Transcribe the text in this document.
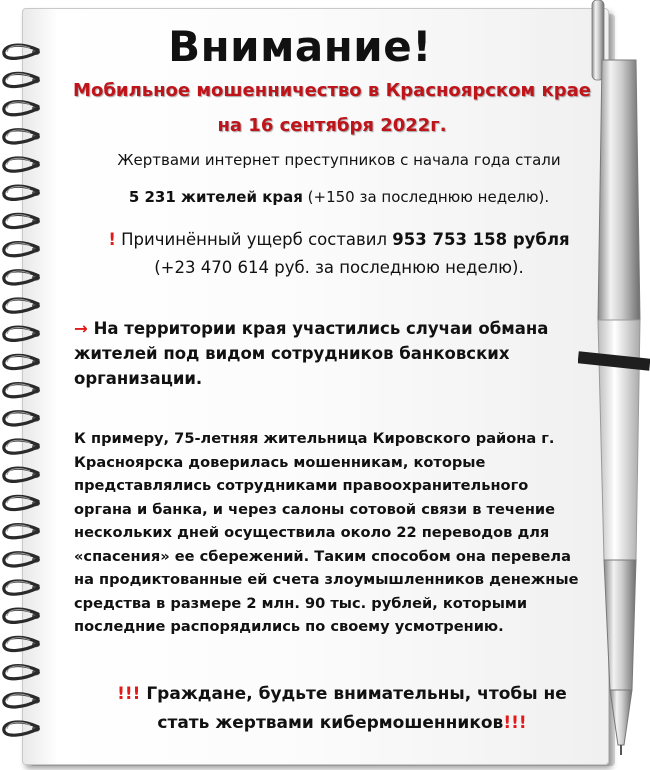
Внимание!
Мобильное мошенничество в Красноярском крае
на 16 сентября 2022г.
Жертвами интернет преступников с начала года стали
5 231 жителей края (+150 за последнюю неделю).
! Причинённый ущерб составил 953 753 158 рубля
(+23 470 614 руб. за последнюю неделю).
→ На территории края участились случаи обмана
жителей под видом сотрудников банковских
организации.
К примеру, 75-летняя жительница Кировского района г.
Красноярска доверилась мошенникам, которые
представлялись сотрудниками правоохранительного
органа и банка, и через салоны сотовой связи в течение
нескольких дней осуществила около 22 переводов для
«спасения» ее сбережений. Таким способом она перевела
на продиктованные ей счета злоумышленников денежные
средства в размере 2 млн. 90 тыс. рублей, которыми
последние распорядились по своему усмотрению.
!!! Граждане, будьте внимательны, чтобы не
стать жертвами кибермошенников!!!
